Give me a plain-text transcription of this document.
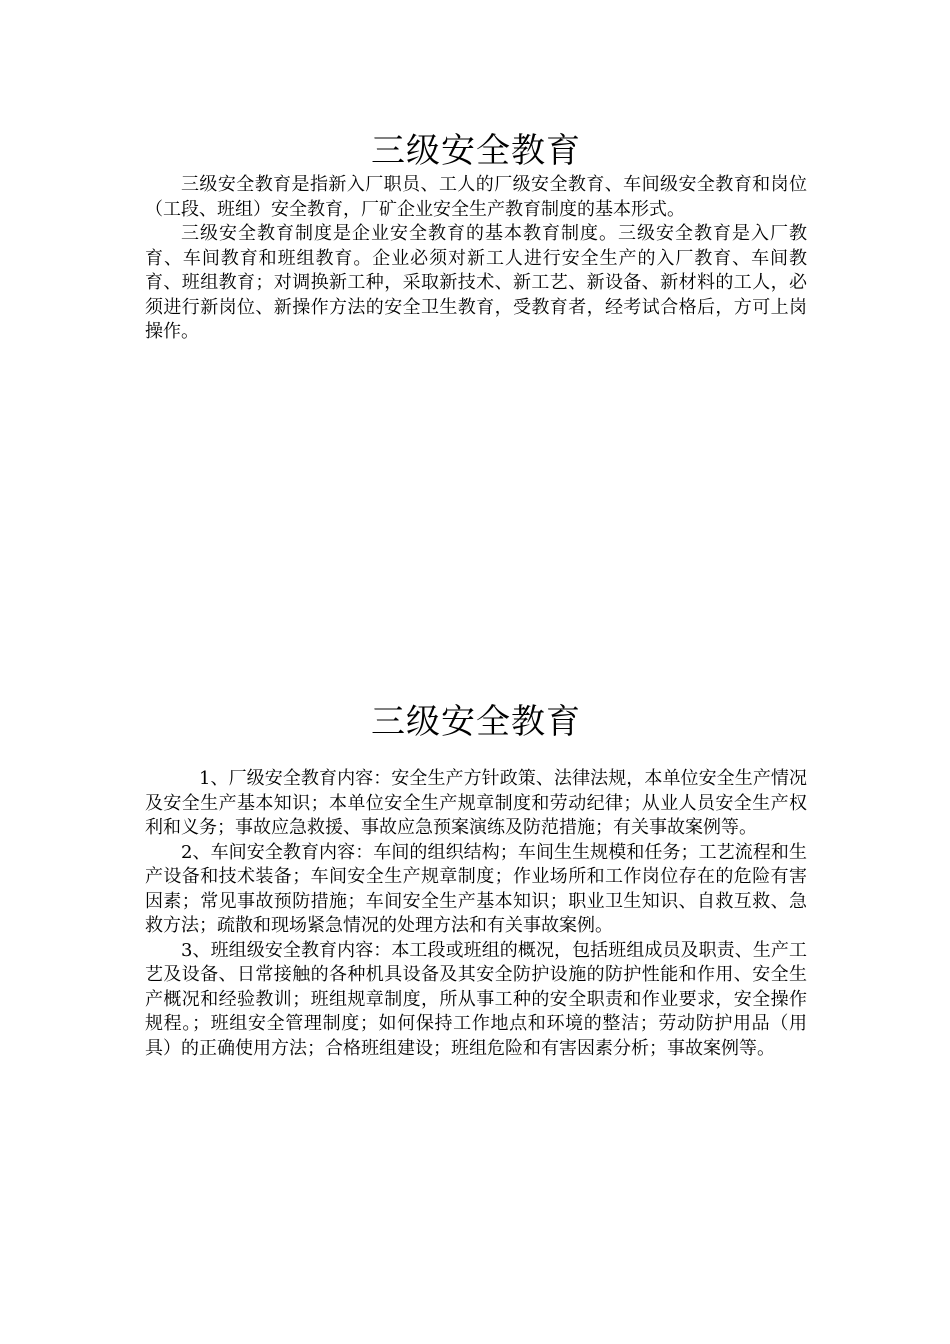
三级安全教育

三级安全教育是指新入厂职员、工人的厂级安全教育、车间级安全教育和岗位（工段、班组）安全教育，厂矿企业安全生产教育制度的基本形式。

三级安全教育制度是企业安全教育的基本教育制度。三级安全教育是入厂教育、车间教育和班组教育。企业必须对新工人进行安全生产的入厂教育、车间教育、班组教育；对调换新工种，采取新技术、新工艺、新设备、新材料的工人，必须进行新岗位、新操作方法的安全卫生教育，受教育者，经考试合格后，方可上岗操作。

三级安全教育

1、厂级安全教育内容：安全生产方针政策、法律法规，本单位安全生产情况及安全生产基本知识；本单位安全生产规章制度和劳动纪律；从业人员安全生产权利和义务；事故应急救援、事故应急预案演练及防范措施；有关事故案例等。

2、车间安全教育内容：车间的组织结构；车间生生规模和任务；工艺流程和生产设备和技术装备；车间安全生产规章制度；作业场所和工作岗位存在的危险有害因素；常见事故预防措施；车间安全生产基本知识；职业卫生知识、自救互救、急救方法；疏散和现场紧急情况的处理方法和有关事故案例。

3、班组级安全教育内容：本工段或班组的概况，包括班组成员及职责、生产工艺及设备、日常接触的各种机具设备及其安全防护设施的防护性能和作用、安全生产概况和经验教训；班组规章制度，所从事工种的安全职责和作业要求，安全操作规程。；班组安全管理制度；如何保持工作地点和环境的整洁；劳动防护用品（用具）的正确使用方法；合格班组建设；班组危险和有害因素分析；事故案例等。
